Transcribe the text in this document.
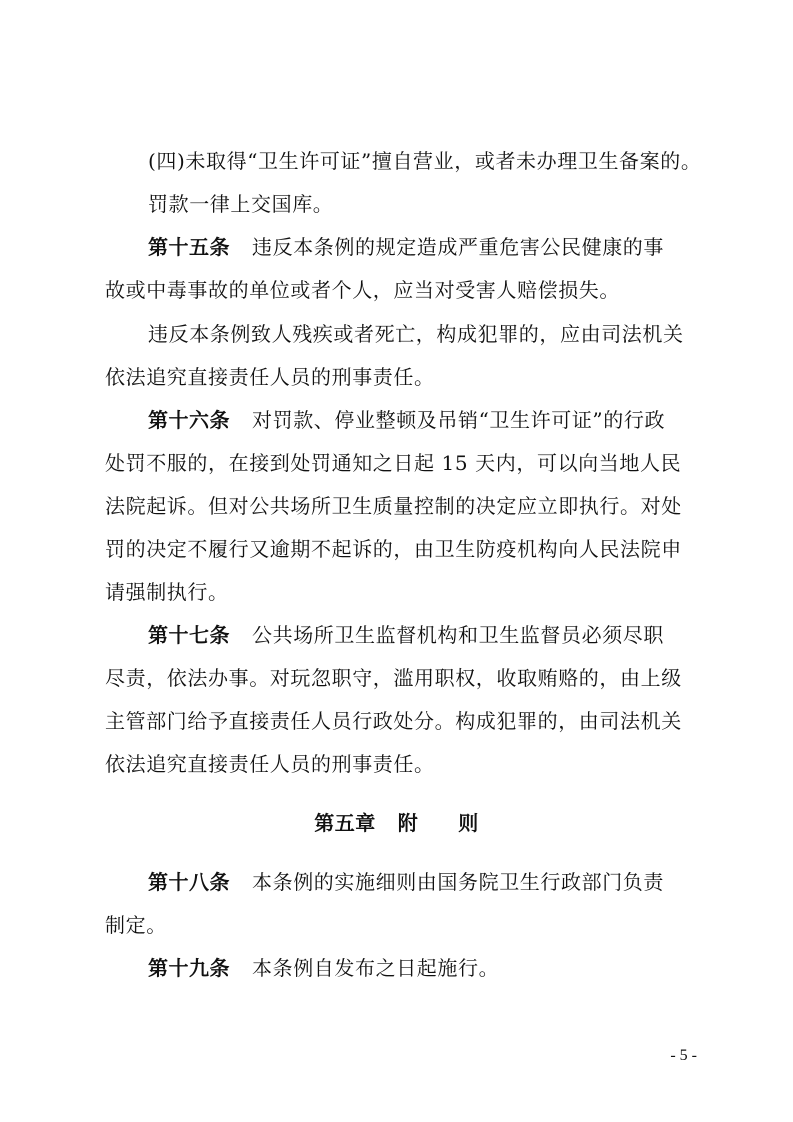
(四)未取得“卫生许可证”擅自营业，或者未办理卫生备案的。
罚款一律上交国库。
第十五条 违反本条例的规定造成严重危害公民健康的事
故或中毒事故的单位或者个人，应当对受害人赔偿损失。
违反本条例致人残疾或者死亡，构成犯罪的，应由司法机关
依法追究直接责任人员的刑事责任。
第十六条 对罚款、停业整顿及吊销“卫生许可证”的行政
处罚不服的，在接到处罚通知之日起 15 天内，可以向当地人民
法院起诉。但对公共场所卫生质量控制的决定应立即执行。对处
罚的决定不履行又逾期不起诉的，由卫生防疫机构向人民法院申
请强制执行。
第十七条 公共场所卫生监督机构和卫生监督员必须尽职
尽责，依法办事。对玩忽职守，滥用职权，收取贿赂的，由上级
主管部门给予直接责任人员行政处分。构成犯罪的，由司法机关
依法追究直接责任人员的刑事责任。
第五章 附 则
第十八条 本条例的实施细则由国务院卫生行政部门负责
制定。
第十九条 本条例自发布之日起施行。
- 5 -
